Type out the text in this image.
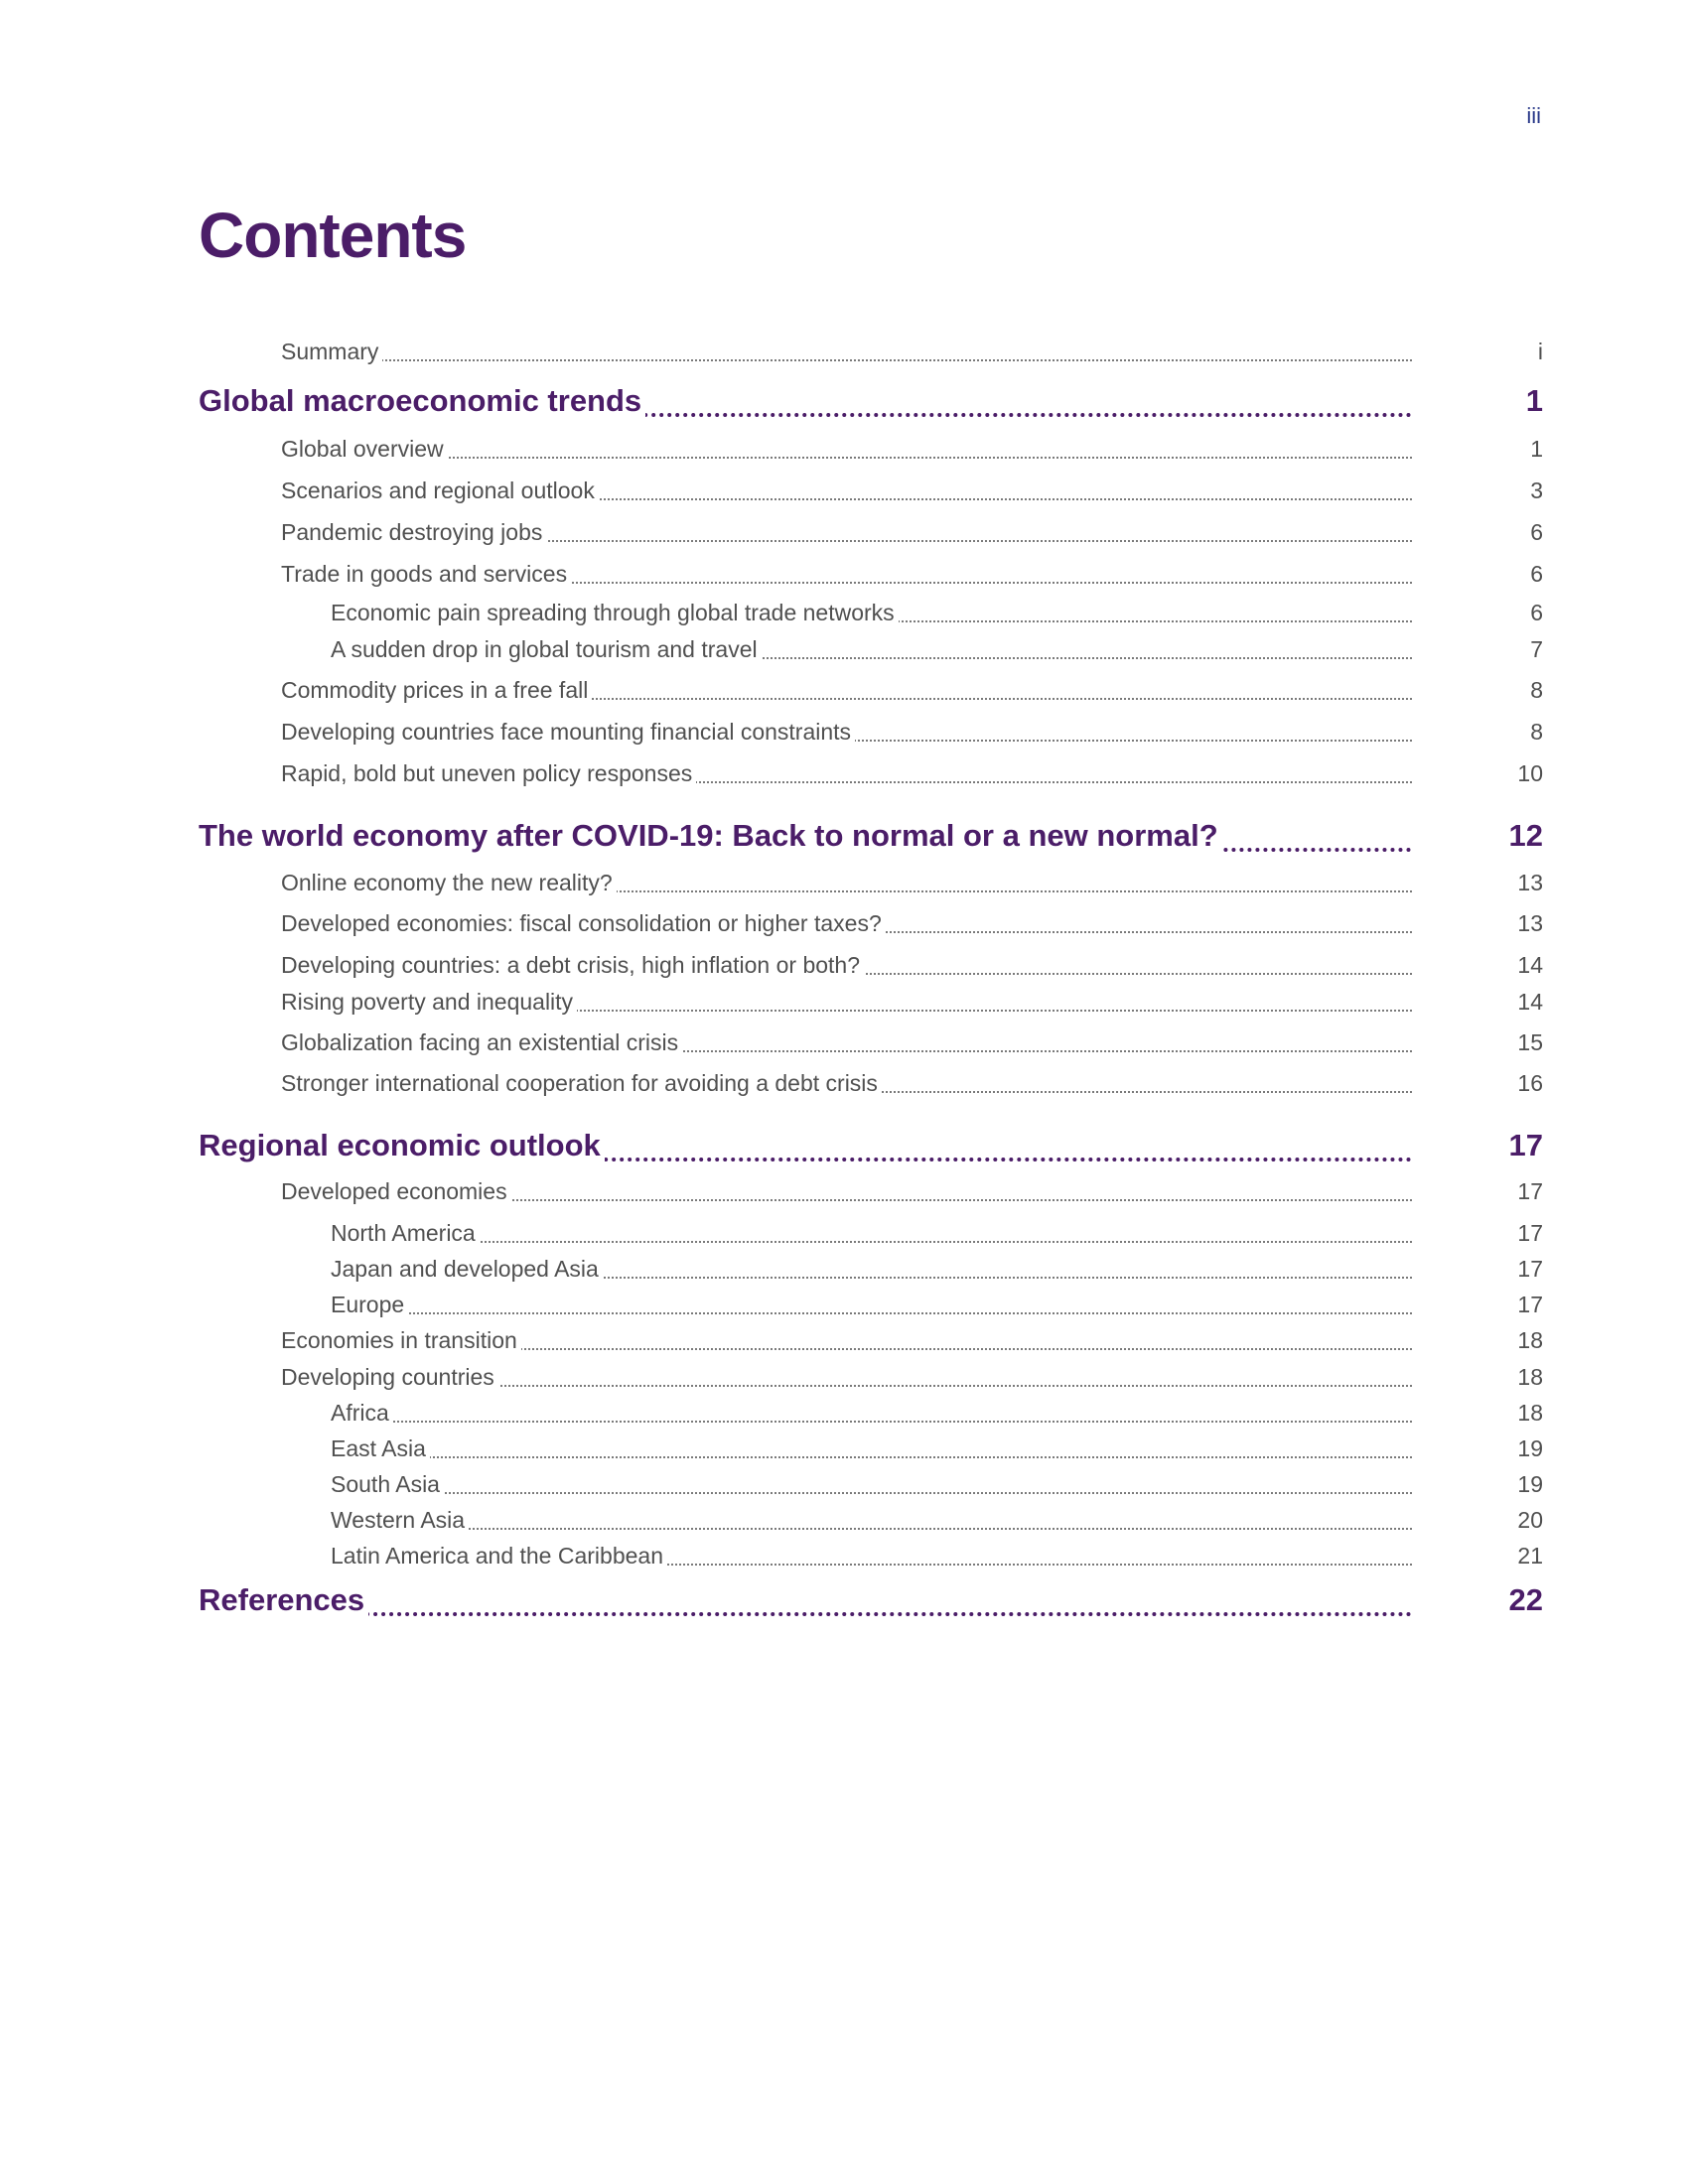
iii
Contents
Summary	i
Global macroeconomic trends	1
Global overview	1
Scenarios and regional outlook	3
Pandemic destroying jobs	6
Trade in goods and services	6
Economic pain spreading through global trade networks	6
A sudden drop in global tourism and travel	7
Commodity prices in a free fall	8
Developing countries face mounting financial constraints	8
Rapid, bold but uneven policy responses	10
The world economy after COVID-19: Back to normal or a new normal?	12
Online economy the new reality?	13
Developed economies: fiscal consolidation or higher taxes?	13
Developing countries: a debt crisis, high inflation or both?	14
Rising poverty and inequality	14
Globalization facing an existential crisis	15
Stronger international cooperation for avoiding a debt crisis	16
Regional economic outlook	17
Developed economies	17
North America	17
Japan and developed Asia	17
Europe	17
Economies in transition	18
Developing countries	18
Africa	18
East Asia	19
South Asia	19
Western Asia	20
Latin America and the Caribbean	21
References	22
